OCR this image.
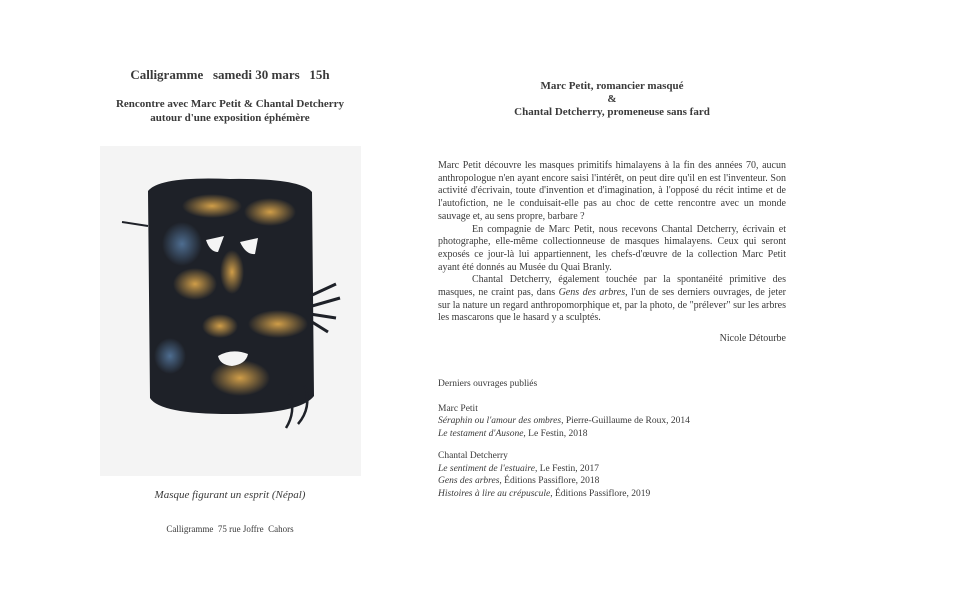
Calligramme samedi 30 mars 15h
Rencontre avec Marc Petit & Chantal Detcherry
autour d'une exposition éphémère
Masque figurant un esprit (Népal)
Calligramme  75 rue Joffre  Cahors
Marc Petit, romancier masqué
&
Chantal Detcherry, promeneuse sans fard

Marc Petit découvre les masques primitifs himalayens à la fin des années 70, aucun anthropologue n'en ayant encore saisi l'intérêt, on peut dire qu'il en est l'inventeur. Son activité d'écrivain, toute d'invention et d'imagination, à l'opposé du récit intime et de l'autofiction, ne le conduisait-elle pas au choc de cette rencontre avec un monde sauvage et, au sens propre, barbare ?

En compagnie de Marc Petit, nous recevons Chantal Detcherry, écrivain et photographe, elle-même collectionneuse de masques himalayens. Ceux qui seront exposés ce jour-là lui appartiennent, les chefs-d'œuvre de la collection Marc Petit ayant été donnés au Musée du Quai Branly.

Chantal Detcherry, également touchée par la spontanéité primitive des masques, ne craint pas, dans Gens des arbres, l'un de ses derniers ouvrages, de jeter sur la nature un regard anthropomorphique et, par la photo, de "prélever" sur les arbres les mascarons que le hasard y a sculptés.

Nicole Détourbe
Derniers ouvrages publiés
Marc Petit
Séraphin ou l'amour des ombres, Pierre-Guillaume de Roux, 2014
Le testament d'Ausone, Le Festin, 2018
Chantal Detcherry
Le sentiment de l'estuaire, Le Festin, 2017
Gens des arbres, Éditions Passiflore, 2018
Histoires à lire au crépuscule, Éditions Passiflore, 2019
